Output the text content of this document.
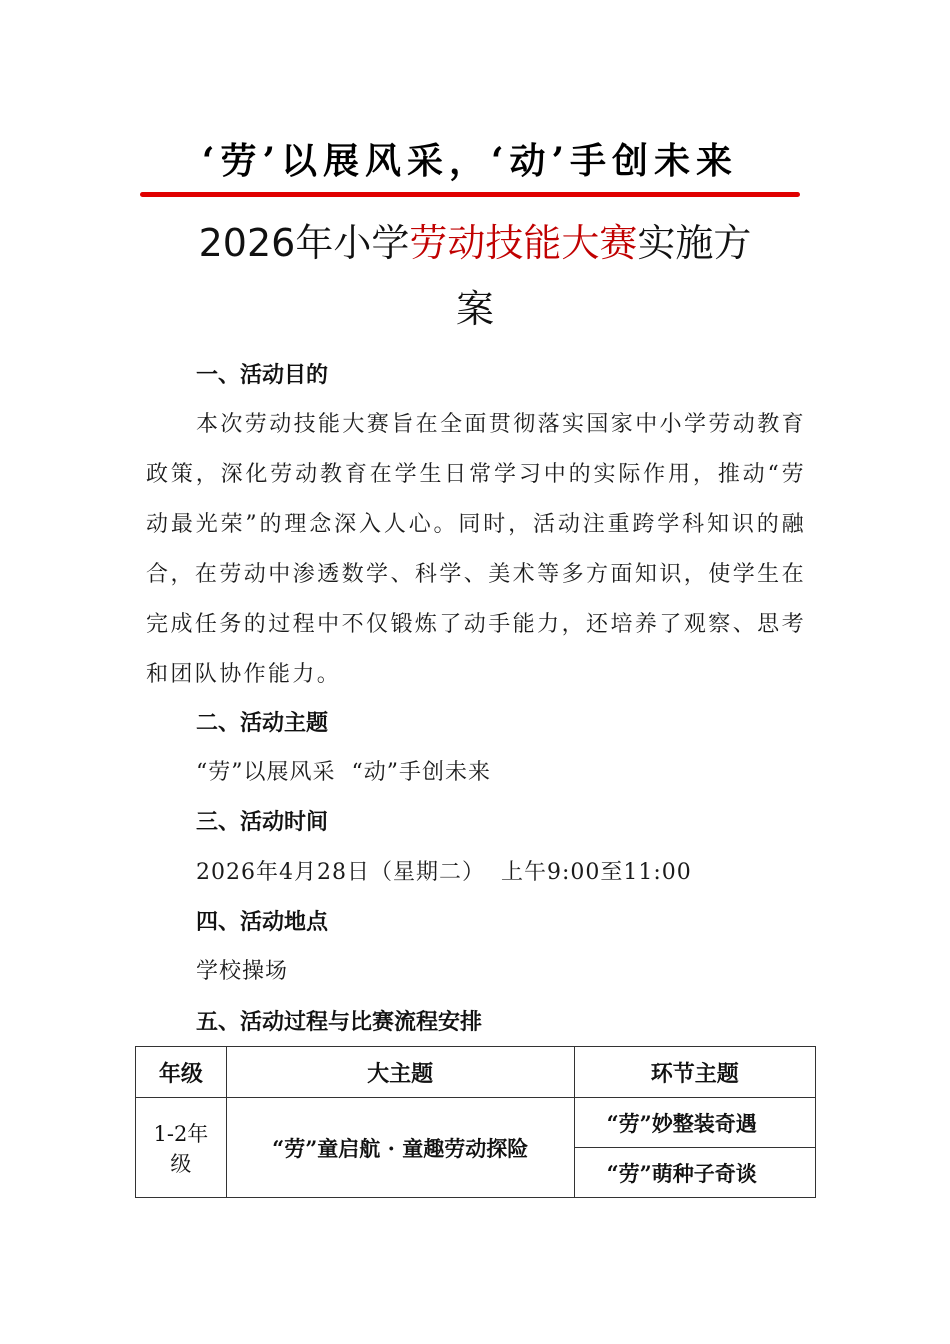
‘劳’以展风采，‘动’手创未来
2026年小学劳动技能大赛实施方
案
一、活动目的
本次劳动技能大赛旨在全面贯彻落实国家中小学劳动教育政策，深化劳动教育在学生日常学习中的实际作用，推动“劳动最光荣”的理念深入人心。同时，活动注重跨学科知识的融合，在劳动中渗透数学、科学、美术等多方面知识，使学生在完成任务的过程中不仅锻炼了动手能力，还培养了观察、思考和团队协作能力。
二、活动主题
“劳”以展风采  “动”手创未来
三、活动时间
2026年4月28日（星期二）  上午9:00至11:00
四、活动地点
学校操场
五、活动过程与比赛流程安排
年级	大主题	环节主题
1-2年级	“劳”童启航 · 童趣劳动探险	“劳”妙整装奇遇
		“劳”萌种子奇谈
